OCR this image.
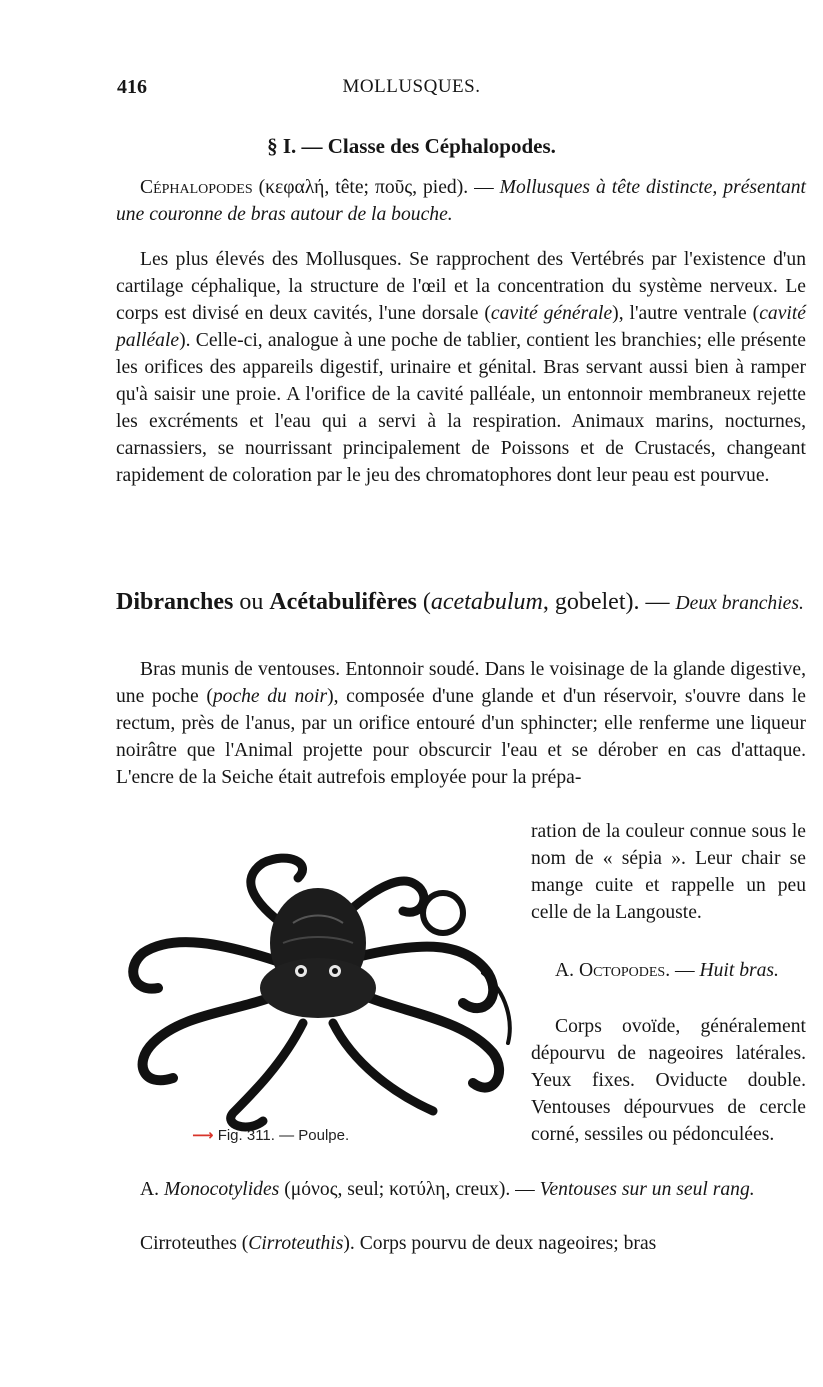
416	MOLLUSQUES.
§ I. — Classe des Céphalopodes.
Céphalopodes (κεφαλή, tête; ποῦς, pied). — Mollusques à tête distincte, présentant une couronne de bras autour de la bouche.
Les plus élevés des Mollusques. Se rapprochent des Vertébrés par l'existence d'un cartilage céphalique, la structure de l'œil et la concentration du système nerveux. Le corps est divisé en deux cavités, l'une dorsale (cavité générale), l'autre ventrale (cavité palléale). Celle-ci, analogue à une poche de tablier, contient les branchies; elle présente les orifices des appareils digestif, urinaire et génital. Bras servant aussi bien à ramper qu'à saisir une proie. A l'orifice de la cavité palléale, un entonnoir membraneux rejette les excréments et l'eau qui a servi à la respiration. Animaux marins, nocturnes, carnassiers, se nourrissant principalement de Poissons et de Crustacés, changeant rapidement de coloration par le jeu des chromatophores dont leur peau est pourvue.
Dibranches ou Acétabulifères (acetabulum, gobelet). — Deux branchies.
Bras munis de ventouses. Entonnoir soudé. Dans le voisinage de la glande digestive, une poche (poche du noir), composée d'une glande et d'un réservoir, s'ouvre dans le rectum, près de l'anus, par un orifice entouré d'un sphincter; elle renferme une liqueur noirâtre que l'Animal projette pour obscurcir l'eau et se dérober en cas d'attaque. L'encre de la Seiche était autrefois employée pour la prépa-
⟶ Fig. 311. — Poulpe.
ration de la couleur connue sous le nom de « sépia ». Leur chair se mange cuite et rappelle un peu celle de la Langouste.
A. Octopodes. — Huit bras.
Corps ovoïde, généralement dépourvu de nageoires latérales. Yeux fixes. Oviducte double. Ventouses dépourvues de cercle corné, sessiles ou pédonculées.
A. Monocotylides (μόνος, seul; κοτύλη, creux). — Ventouses sur un seul rang.
Cirroteuthes (Cirroteuthis). Corps pourvu de deux nageoires; bras
